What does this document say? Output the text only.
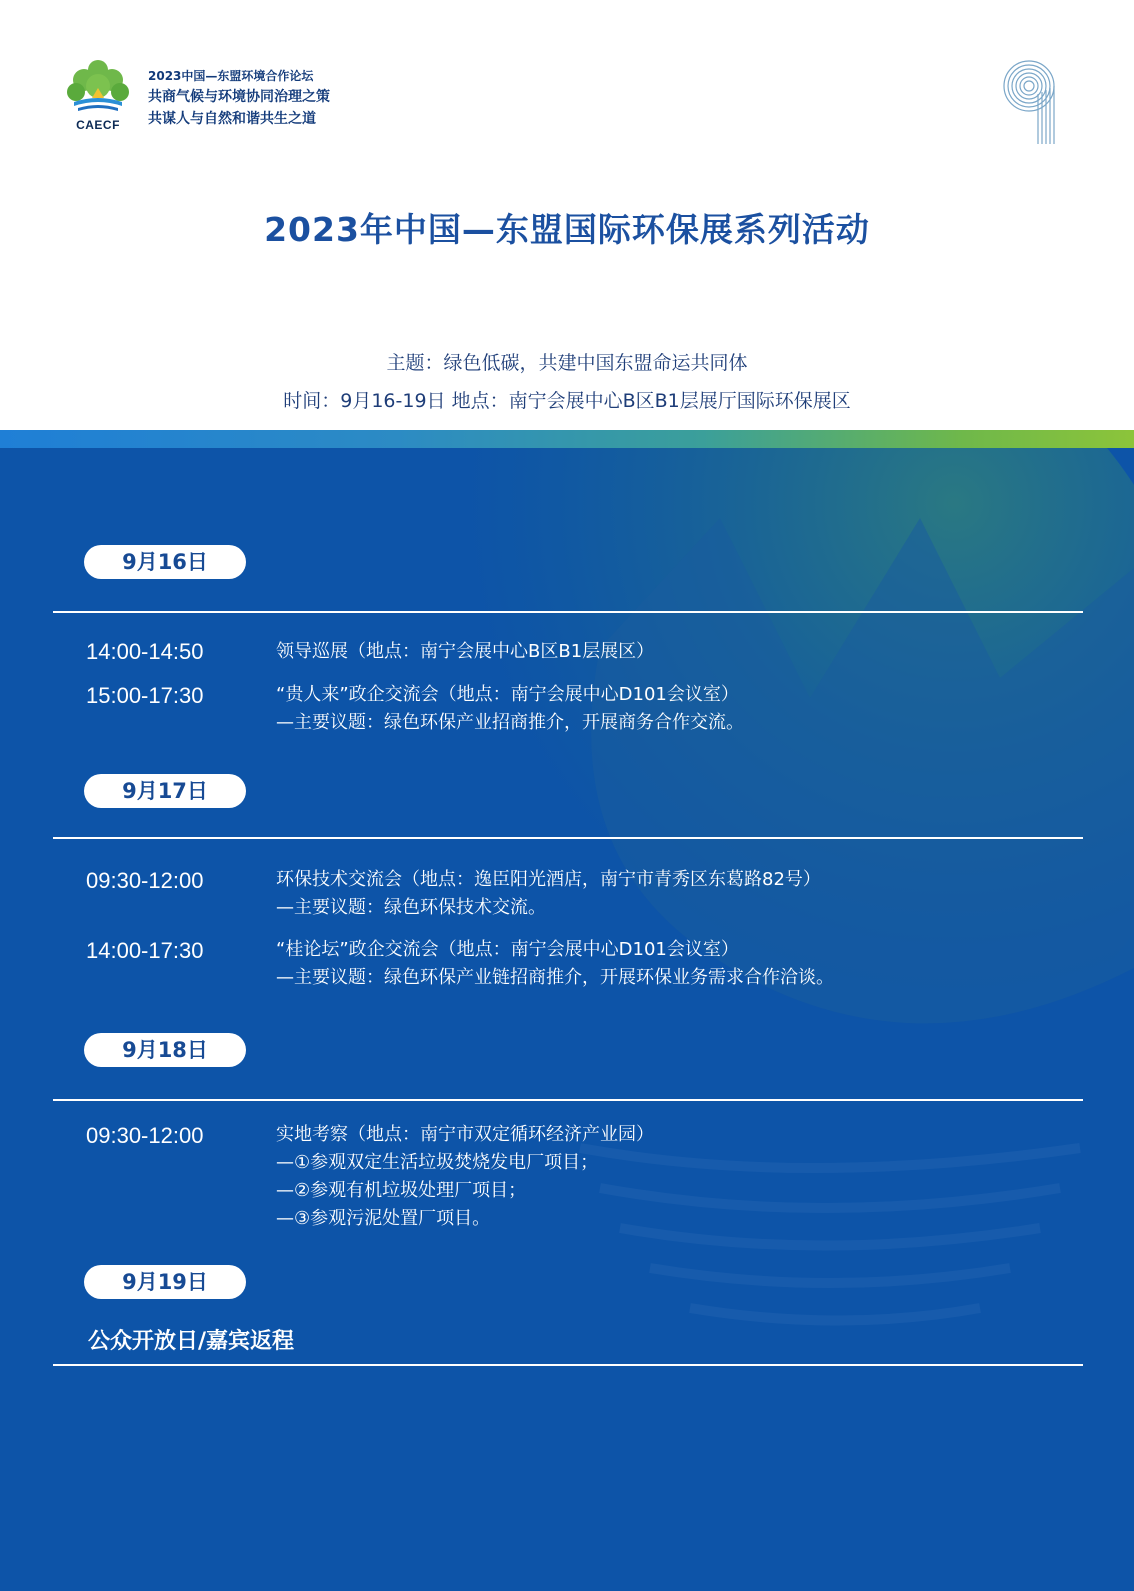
CAECF
2023中国—东盟环境合作论坛
共商气候与环境协同治理之策
共谋人与自然和谐共生之道
2023年中国—东盟国际环保展系列活动
主题：绿色低碳，共建中国东盟命运共同体
时间：9月16-19日 地点：南宁会展中心B区B1层展厅国际环保展区
9月16日
14:00-14:50	领导巡展（地点：南宁会展中心B区B1层展区）
15:00-17:30	“贵人来”政企交流会（地点：南宁会展中心D101会议室）
—主要议题：绿色环保产业招商推介，开展商务合作交流。
9月17日
09:30-12:00	环保技术交流会（地点：逸臣阳光酒店，南宁市青秀区东葛路82号）
—主要议题：绿色环保技术交流。
14:00-17:30	“桂论坛”政企交流会（地点：南宁会展中心D101会议室）
—主要议题：绿色环保产业链招商推介，开展环保业务需求合作洽谈。
9月18日
09:30-12:00	实地考察（地点：南宁市双定循环经济产业园）
—①参观双定生活垃圾焚烧发电厂项目；
—②参观有机垃圾处理厂项目；
—③参观污泥处置厂项目。
9月19日
公众开放日/嘉宾返程
